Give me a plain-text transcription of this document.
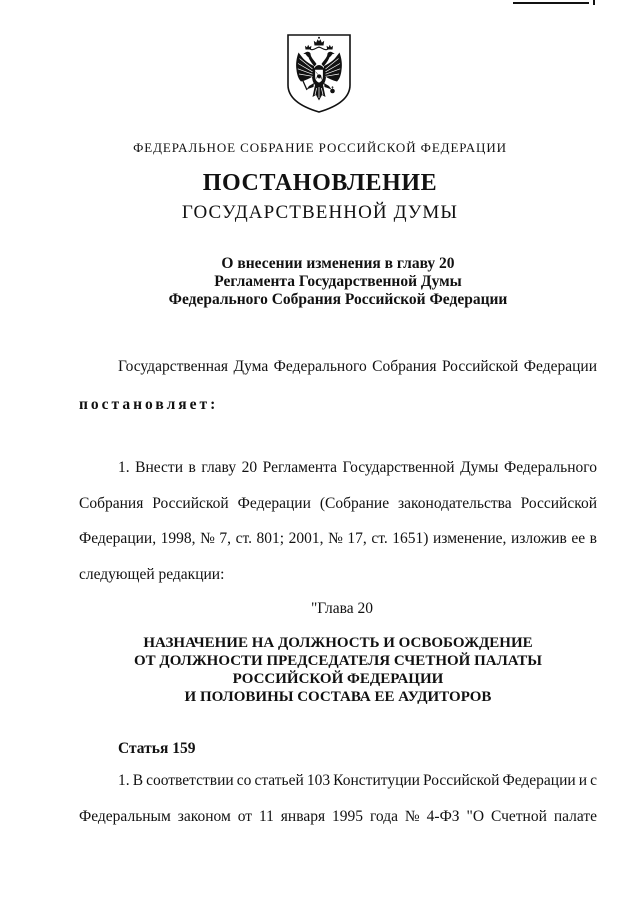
ФЕДЕРАЛЬНОЕ СОБРАНИЕ РОССИЙСКОЙ ФЕДЕРАЦИИ
ПОСТАНОВЛЕНИЕ
ГОСУДАРСТВЕННОЙ ДУМЫ
О внесении изменения в главу 20
Регламента Государственной Думы
Федерального Собрания Российской Федерации
Государственная Дума Федерального Собрания Российской Федерации
постановляет:
1. Внести в главу 20 Регламента Государственной Думы Федерального
Собрания Российской Федерации (Собрание законодательства Российской
Федерации, 1998, № 7, ст. 801; 2001, № 17, ст. 1651) изменение, изложив ее в
следующей редакции:
"Глава 20
НАЗНАЧЕНИЕ НА ДОЛЖНОСТЬ И ОСВОБОЖДЕНИЕ
ОТ ДОЛЖНОСТИ ПРЕДСЕДАТЕЛЯ СЧЕТНОЙ ПАЛАТЫ
РОССИЙСКОЙ ФЕДЕРАЦИИ
И ПОЛОВИНЫ СОСТАВА ЕЕ АУДИТОРОВ
Статья 159
1. В соответствии со статьей 103 Конституции Российской Федерации и с
Федеральным законом от 11 января 1995 года № 4-ФЗ "О Счетной палате
